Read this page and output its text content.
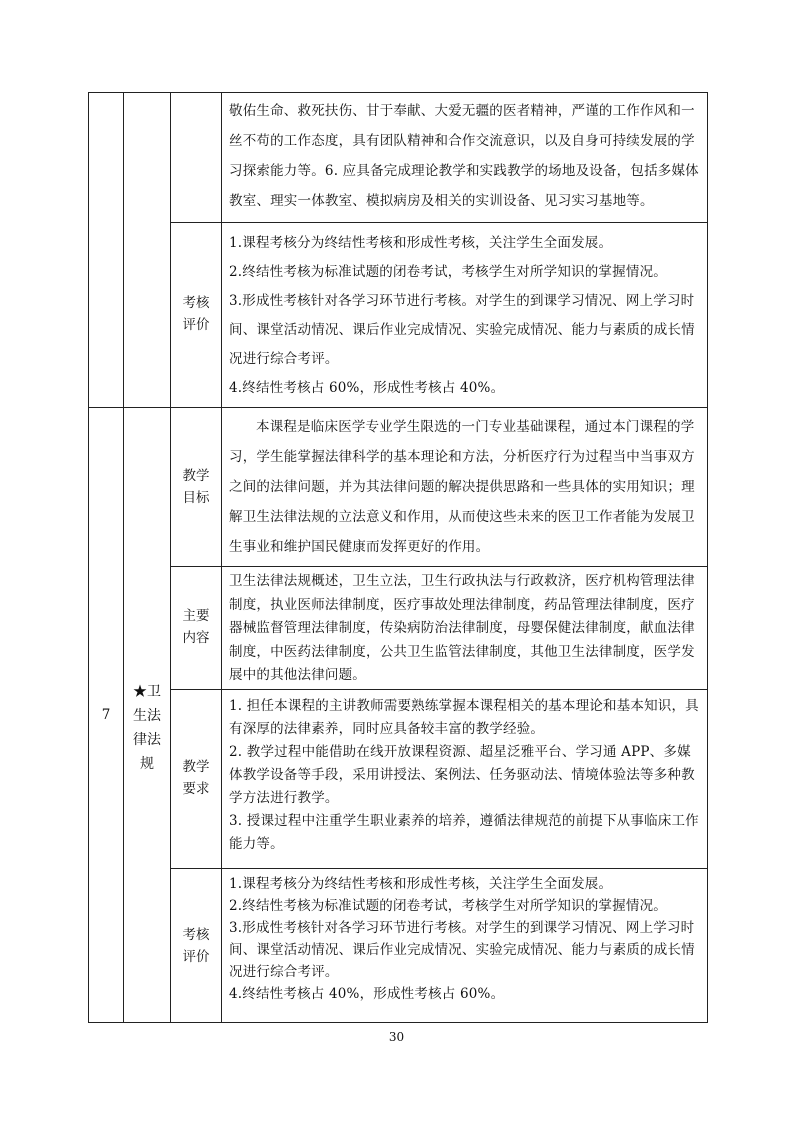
敬佑生命、救死扶伤、甘于奉献、大爱无疆的医者精神，严谨的工作作风和一丝不苟的工作态度，具有团队精神和合作交流意识，以及自身可持续发展的学习探索能力等。6. 应具备完成理论教学和实践教学的场地及设备，包括多媒体教室、理实一体教室、模拟病房及相关的实训设备、见习实习基地等。

考核评价

1.课程考核分为终结性考核和形成性考核，关注学生全面发展。

2.终结性考核为标准试题的闭卷考试，考核学生对所学知识的掌握情况。

3.形成性考核针对各学习环节进行考核。对学生的到课学习情况、网上学习时间、课堂活动情况、课后作业完成情况、实验完成情况、能力与素质的成长情况进行综合考评。

4.终结性考核占 60%，形成性考核占 40%。

7
★卫生法律法规
教学目标

本课程是临床医学专业学生限选的一门专业基础课程，通过本门课程的学习，学生能掌握法律科学的基本理论和方法，分析医疗行为过程当中当事双方之间的法律问题，并为其法律问题的解决提供思路和一些具体的实用知识；理解卫生法律法规的立法意义和作用，从而使这些未来的医卫工作者能为发展卫生事业和维护国民健康而发挥更好的作用。

主要内容

卫生法律法规概述，卫生立法，卫生行政执法与行政救济，医疗机构管理法律制度，执业医师法律制度，医疗事故处理法律制度，药品管理法律制度，医疗器械监督管理法律制度，传染病防治法律制度，母婴保健法律制度，献血法律制度，中医药法律制度，公共卫生监管法律制度，其他卫生法律制度，医学发展中的其他法律问题。

教学要求

1. 担任本课程的主讲教师需要熟练掌握本课程相关的基本理论和基本知识，具有深厚的法律素养，同时应具备较丰富的教学经验。

2. 教学过程中能借助在线开放课程资源、超星泛雅平台、学习通 APP、多媒体教学设备等手段，采用讲授法、案例法、任务驱动法、情境体验法等多种教学方法进行教学。

3. 授课过程中注重学生职业素养的培养，遵循法律规范的前提下从事临床工作能力等。

考核评价

1.课程考核分为终结性考核和形成性考核，关注学生全面发展。

2.终结性考核为标准试题的闭卷考试，考核学生对所学知识的掌握情况。

3.形成性考核针对各学习环节进行考核。对学生的到课学习情况、网上学习时间、课堂活动情况、课后作业完成情况、实验完成情况、能力与素质的成长情况进行综合考评。

4.终结性考核占 40%，形成性考核占 60%。

30
